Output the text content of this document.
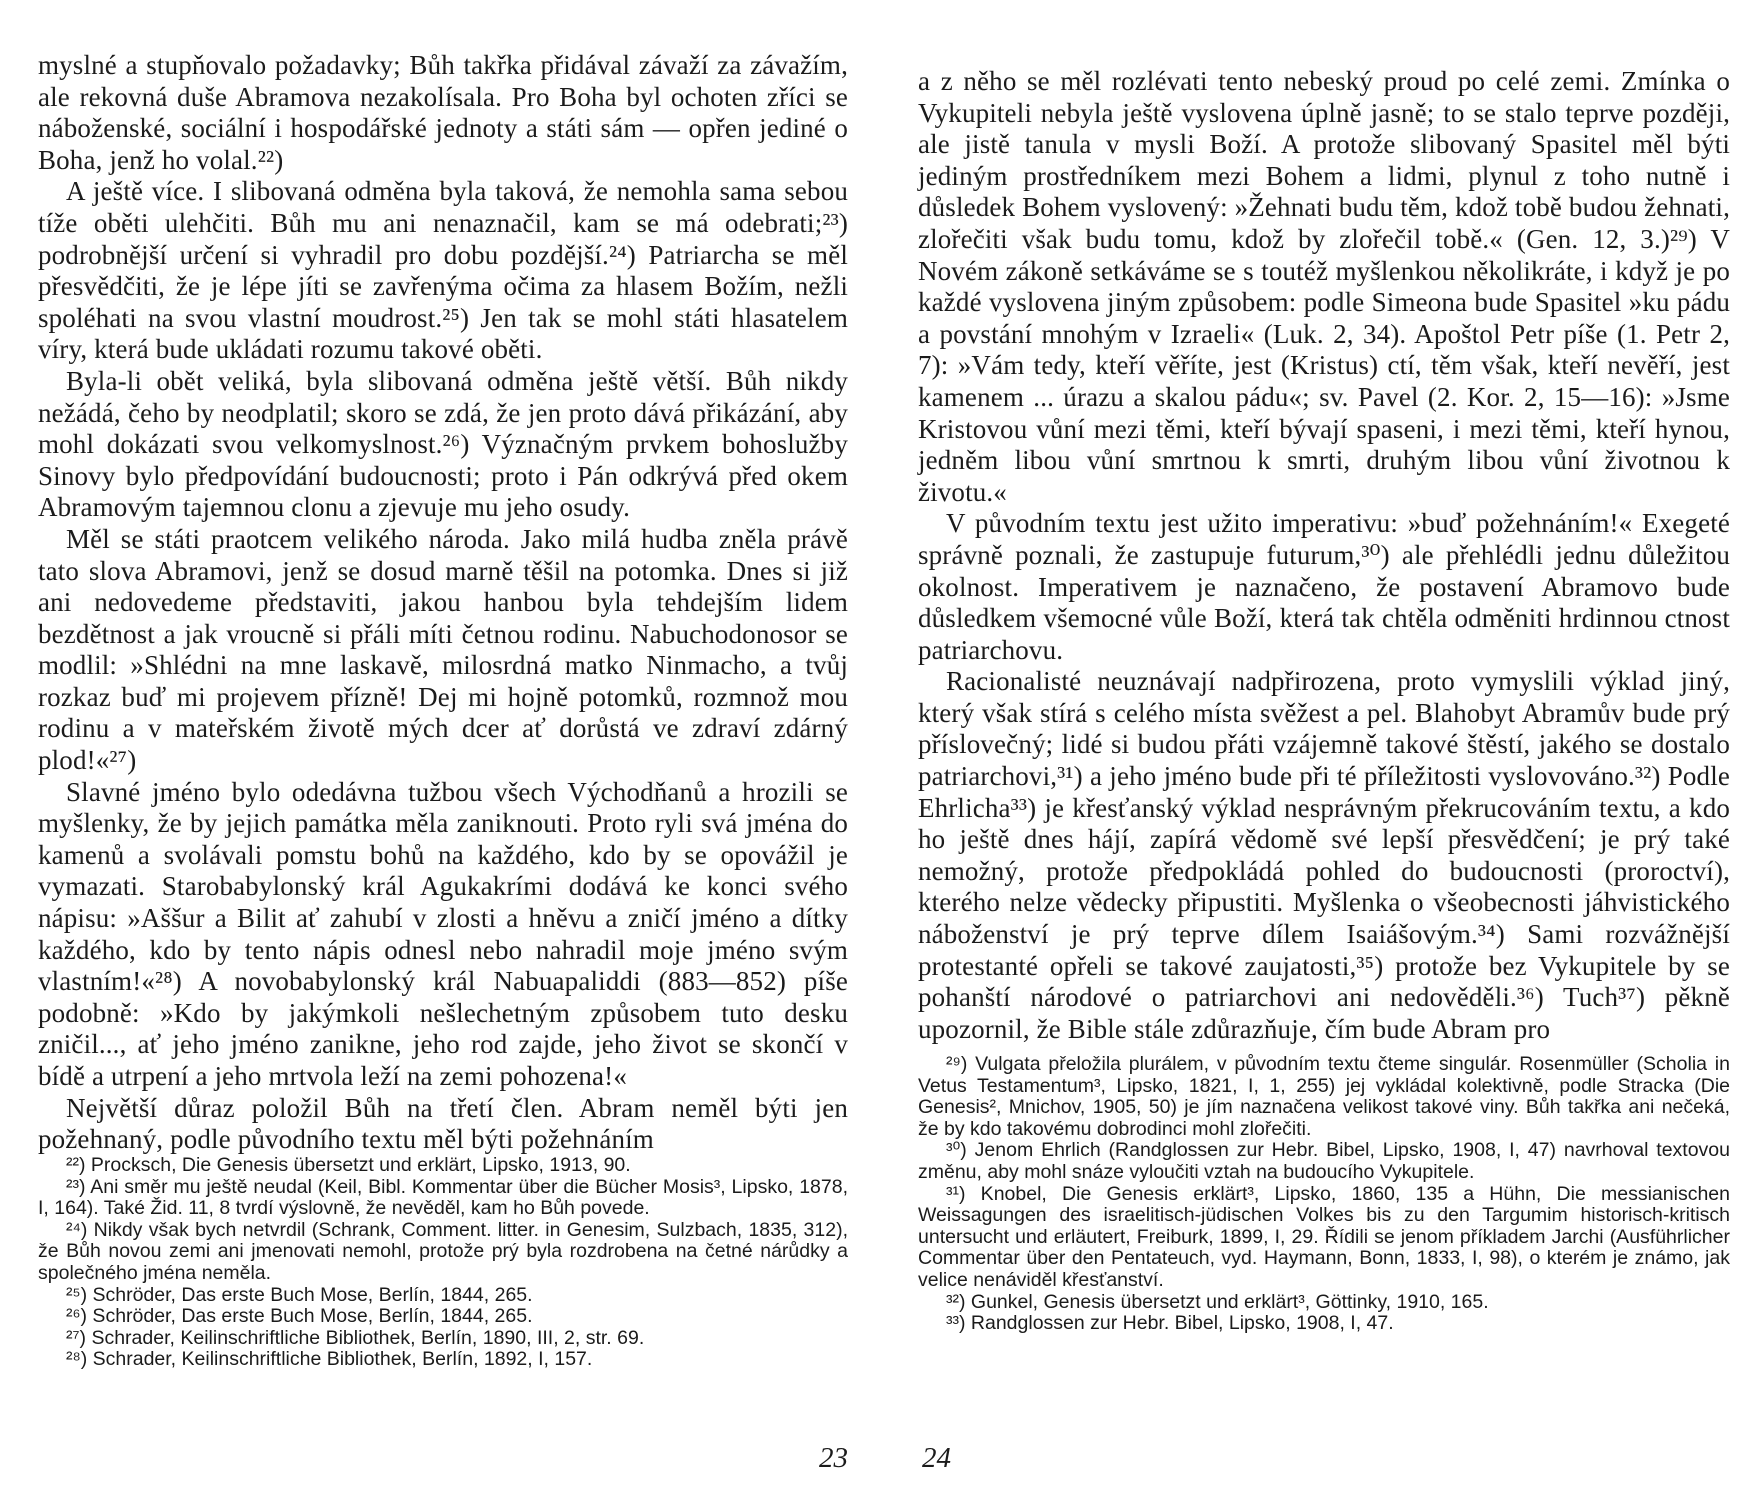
myslné a stupňovalo požadavky; Bůh takřka přidával závaží za závažím, ale rekovná duše Abramova nezakolísala. Pro Boha byl ochoten zříci se náboženské, sociální i hospodářské jednoty a státi sám — opřen jediné o Boha, jenž ho volal.²²)

A ještě více. I slibovaná odměna byla taková, že nemohla sama sebou tíže oběti ulehčiti. Bůh mu ani nenaznačil, kam se má odebrati;²³) podrobnější určení si vyhradil pro dobu pozdější.²⁴) Patriarcha se měl přesvědčiti, že je lépe jíti se zavřenýma očima za hlasem Božím, nežli spoléhati na svou vlastní moudrost.²⁵) Jen tak se mohl státi hlasatelem víry, která bude ukládati rozumu takové oběti.

Byla-li obět veliká, byla slibovaná odměna ještě větší. Bůh nikdy nežádá, čeho by neodplatil; skoro se zdá, že jen proto dává přikázání, aby mohl dokázati svou velkomyslnost.²⁶) Význačným prvkem bohoslužby Sinovy bylo předpovídání budoucnosti; proto i Pán odkrývá před okem Abramovým tajemnou clonu a zjevuje mu jeho osudy.

Měl se státi praotcem velikého národa. Jako milá hudba zněla právě tato slova Abramovi, jenž se dosud marně těšil na potomka. Dnes si již ani nedovedeme představiti, jakou hanbou byla tehdejším lidem bezdětnost a jak vroucně si přáli míti četnou rodinu. Nabuchodonosor se modlil: »Shlédni na mne laskavě, milosrdná matko Ninmacho, a tvůj rozkaz buď mi projevem přízně! Dej mi hojně potomků, rozmnož mou rodinu a v mateřském životě mých dcer ať dorůstá ve zdraví zdárný plod!«²⁷)

Slavné jméno bylo odedávna tužbou všech Východňanů a hrozili se myšlenky, že by jejich památka měla zaniknouti. Proto ryli svá jména do kamenů a svolávali pomstu bohů na každého, kdo by se opovážil je vymazati. Starobabylonský král Agukakrími dodává ke konci svého nápisu: »Aššur a Bilit ať zahubí v zlosti a hněvu a zničí jméno a dítky každého, kdo by tento nápis odnesl nebo nahradil moje jméno svým vlastním!«²⁸) A novobabylonský král Nabuapaliddi (883—852) píše podobně: »Kdo by jakýmkoli nešlechetným způsobem tuto desku zničil..., ať jeho jméno zanikne, jeho rod zajde, jeho život se skončí v bídě a utrpení a jeho mrtvola leží na zemi pohozena!«

Největší důraz položil Bůh na třetí člen. Abram neměl býti jen požehnaný, podle původního textu měl býti požehnáním

²²) Procksch, Die Genesis übersetzt und erklärt, Lipsko, 1913, 90.

²³) Ani směr mu ještě neudal (Keil, Bibl. Kommentar über die Bücher Mosis³, Lipsko, 1878, I, 164). Také Žid. 11, 8 tvrdí výslovně, že nevěděl, kam ho Bůh povede.

²⁴) Nikdy však bych netvrdil (Schrank, Comment. litter. in Genesim, Sulzbach, 1835, 312), že Bůh novou zemi ani jmenovati nemohl, protože prý byla rozdrobena na četné nárůdky a společného jména neměla.

²⁵) Schröder, Das erste Buch Mose, Berlín, 1844, 265.

²⁶) Schröder, Das erste Buch Mose, Berlín, 1844, 265.

²⁷) Schrader, Keilinschriftliche Bibliothek, Berlín, 1890, III, 2, str. 69.

²⁸) Schrader, Keilinschriftliche Bibliothek, Berlín, 1892, I, 157.

23

a z něho se měl rozlévati tento nebeský proud po celé zemi. Zmínka o Vykupiteli nebyla ještě vyslovena úplně jasně; to se stalo teprve později, ale jistě tanula v mysli Boží. A protože slibovaný Spasitel měl býti jediným prostředníkem mezi Bohem a lidmi, plynul z toho nutně i důsledek Bohem vyslovený: »Žehnati budu těm, kdož tobě budou žehnati, zlořečiti však budu tomu, kdož by zlořečil tobě.« (Gen. 12, 3.)²⁹) V Novém zákoně setkáváme se s toutéž myšlenkou několikráte, i když je po každé vyslovena jiným způsobem: podle Simeona bude Spasitel »ku pádu a povstání mnohým v Izraeli« (Luk. 2, 34). Apoštol Petr píše (1. Petr 2, 7): »Vám tedy, kteří věříte, jest (Kristus) ctí, těm však, kteří nevěří, jest kamenem ... úrazu a skalou pádu«; sv. Pavel (2. Kor. 2, 15—16): »Jsme Kristovou vůní mezi těmi, kteří bývají spaseni, i mezi těmi, kteří hynou, jedněm libou vůní smrtnou k smrti, druhým libou vůní životnou k životu.«

V původním textu jest užito imperativu: »buď požehnáním!« Exegeté správně poznali, že zastupuje futurum,³⁰) ale přehlédli jednu důležitou okolnost. Imperativem je naznačeno, že postavení Abramovo bude důsledkem všemocné vůle Boží, která tak chtěla odměniti hrdinnou ctnost patriarchovu.

Racionalisté neuznávají nadpřirozena, proto vymyslili výklad jiný, který však stírá s celého místa svěžest a pel. Blahobyt Abramův bude prý příslovečný; lidé si budou přáti vzájemně takové štěstí, jakého se dostalo patriarchovi,³¹) a jeho jméno bude při té příležitosti vyslovováno.³²) Podle Ehrlicha³³) je křesťanský výklad nesprávným překrucováním textu, a kdo ho ještě dnes hájí, zapírá vědomě své lepší přesvědčení; je prý také nemožný, protože předpokládá pohled do budoucnosti (proroctví), kterého nelze vědecky připustiti. Myšlenka o všeobecnosti jáhvistického náboženství je prý teprve dílem Isaiášovým.³⁴) Sami rozvážnější protestanté opřeli se takové zaujatosti,³⁵) protože bez Vykupitele by se pohanští národové o patriarchovi ani nedověděli.³⁶) Tuch³⁷) pěkně upozornil, že Bible stále zdůrazňuje, čím bude Abram pro

²⁹) Vulgata přeložila plurálem, v původním textu čteme singulár. Rosenmüller (Scholia in Vetus Testamentum³, Lipsko, 1821, I, 1, 255) jej vykládal kolektivně, podle Stracka (Die Genesis², Mnichov, 1905, 50) je jím naznačena velikost takové viny. Bůh takřka ani nečeká, že by kdo takovému dobrodinci mohl zlořečiti.

³⁰) Jenom Ehrlich (Randglossen zur Hebr. Bibel, Lipsko, 1908, I, 47) navrhoval textovou změnu, aby mohl snáze vyloučiti vztah na budoucího Vykupitele.

³¹) Knobel, Die Genesis erklärt³, Lipsko, 1860, 135 a Hühn, Die messianischen Weissagungen des israelitisch-jüdischen Volkes bis zu den Targumim historisch-kritisch untersucht und erläutert, Freiburk, 1899, I, 29. Řídili se jenom příkladem Jarchi (Ausführlicher Commentar über den Pentateuch, vyd. Haymann, Bonn, 1833, I, 98), o kterém je známo, jak velice nenáviděl křesťanství.

³²) Gunkel, Genesis übersetzt und erklärt³, Göttinky, 1910, 165.

³³) Randglossen zur Hebr. Bibel, Lipsko, 1908, I, 47.

24
